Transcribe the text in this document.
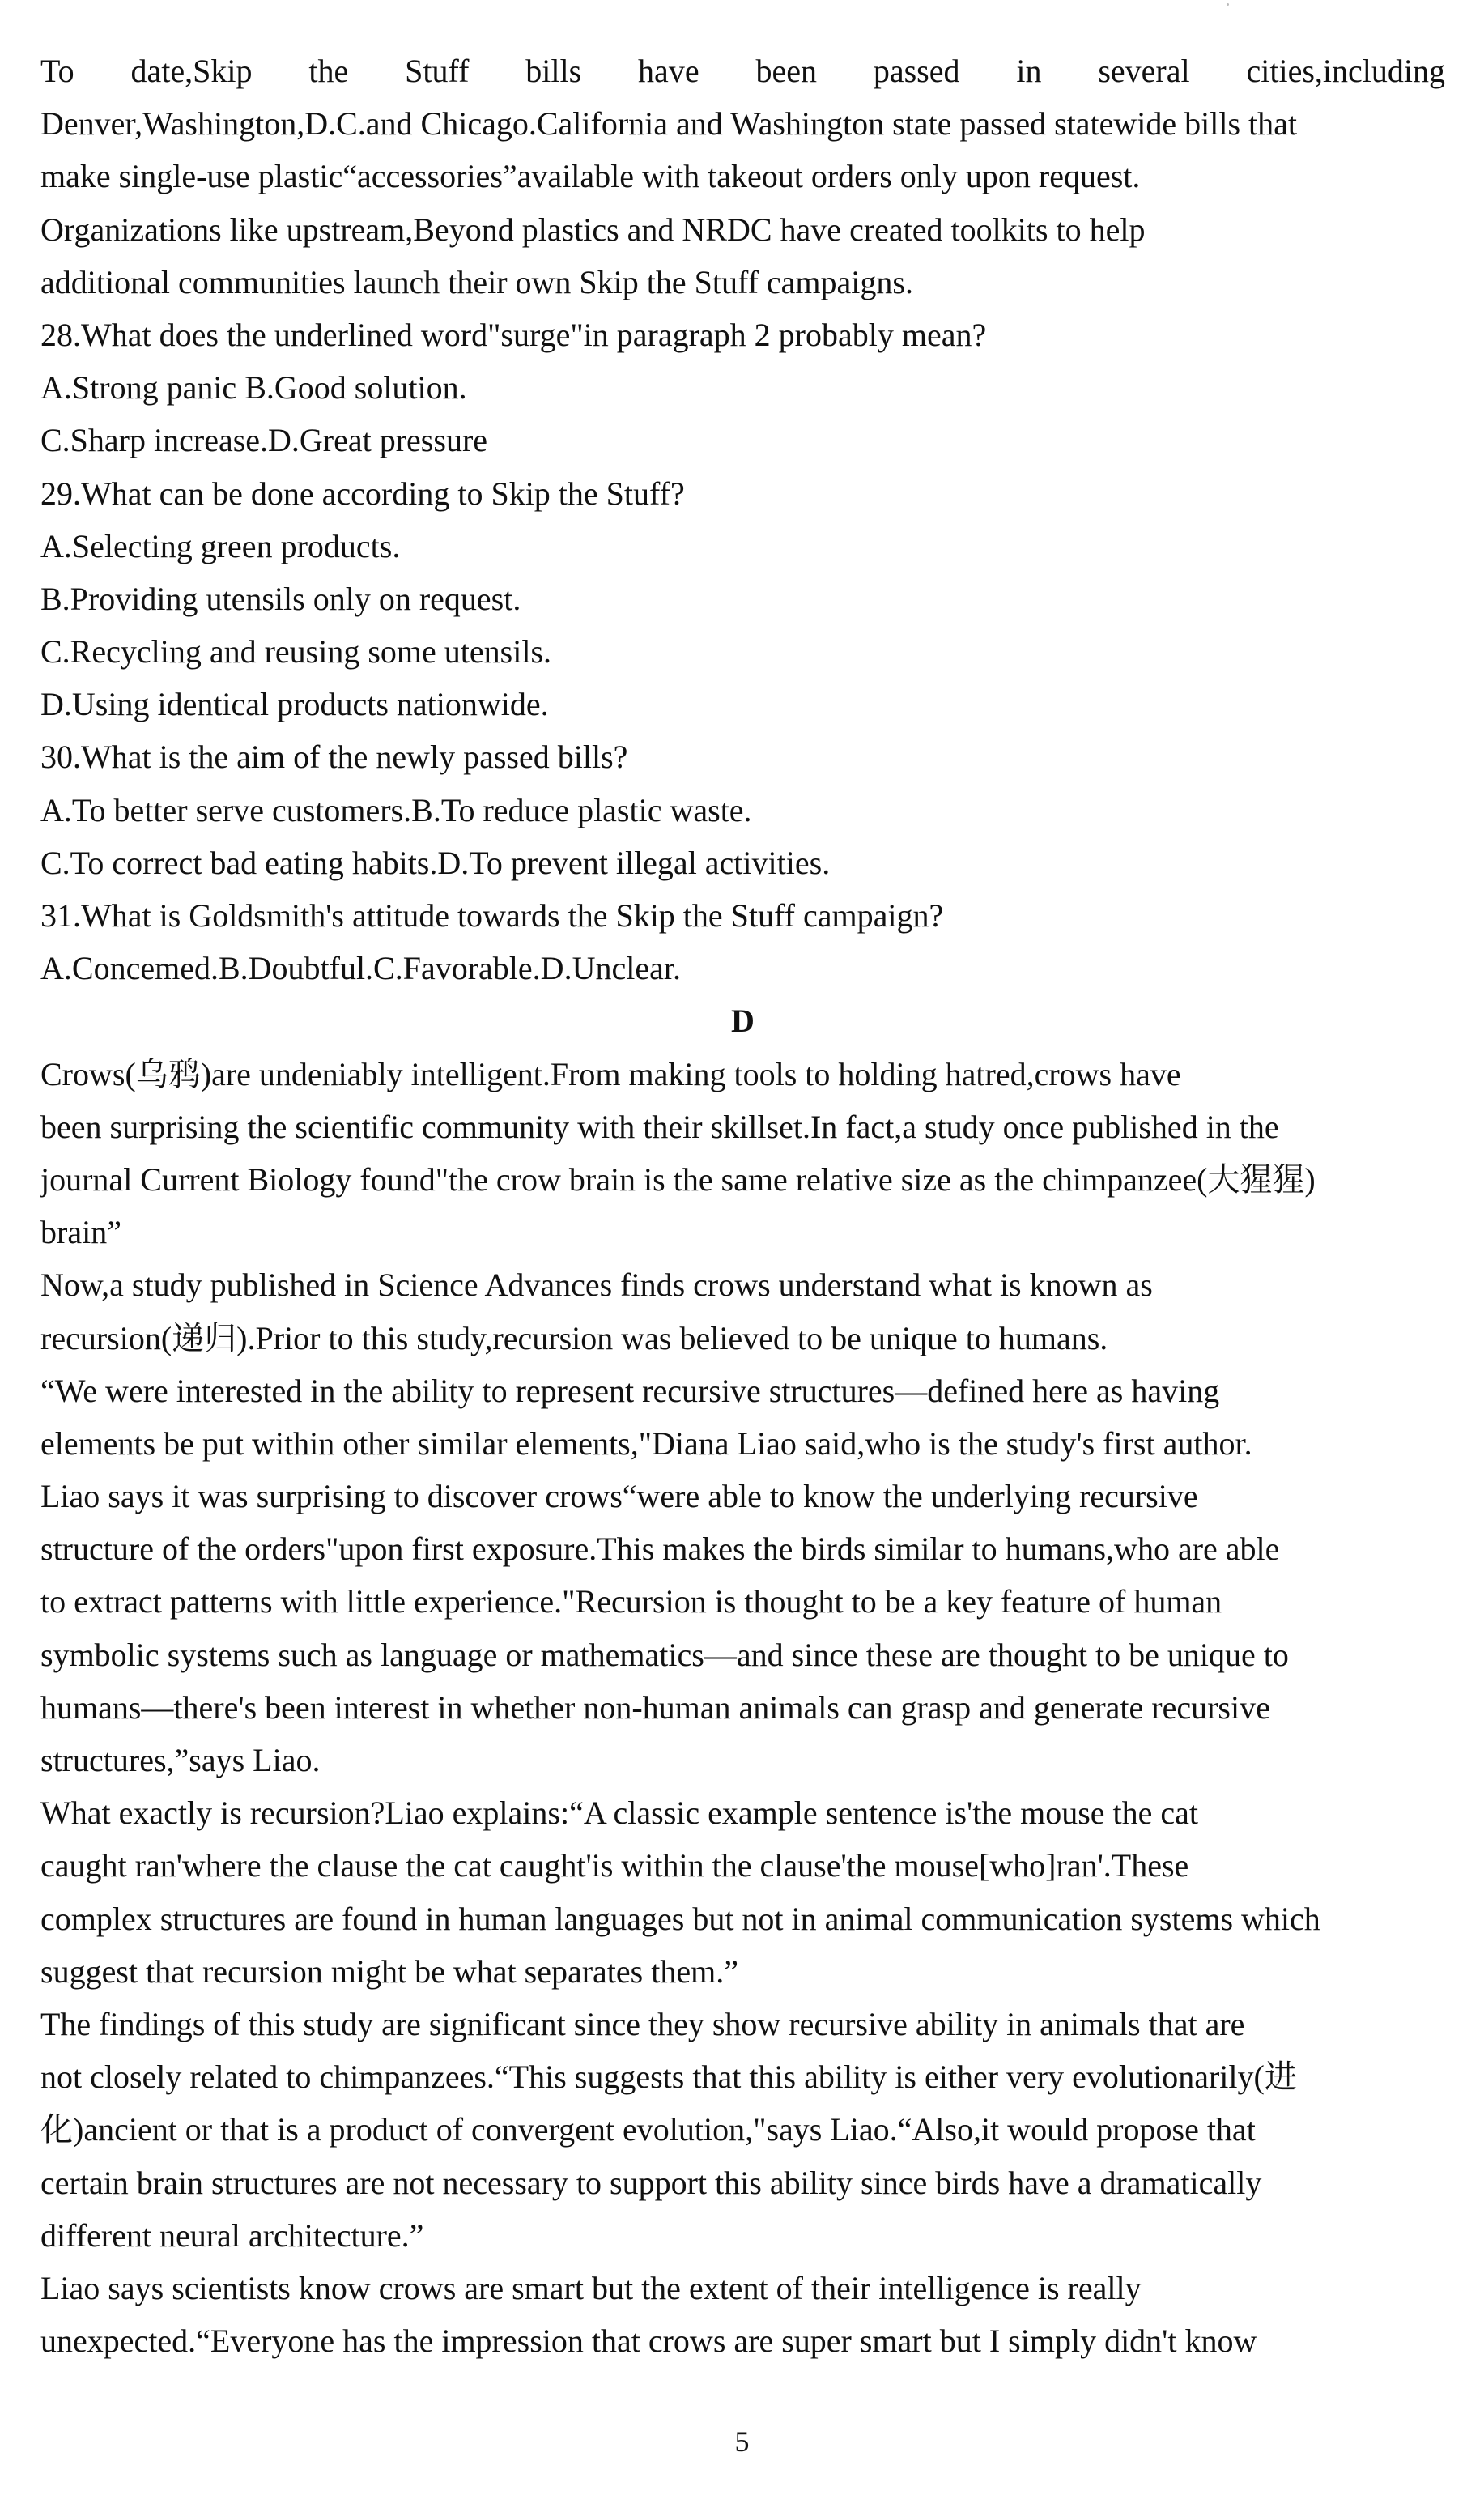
To date,Skip the Stuff bills have been passed in several cities,including
Denver,Washington,D.C.and Chicago.California and Washington state passed statewide bills that
make single-use plastic“accessories”available with takeout orders only upon request.
Organizations like upstream,Beyond plastics and NRDC have created toolkits to help
additional communities launch their own Skip the Stuff campaigns.
28.What does the underlined word"surge"in paragraph 2 probably mean?
A.Strong panic B.Good solution.
C.Sharp increase.D.Great pressure
29.What can be done according to Skip the Stuff?
A.Selecting green products.
B.Providing utensils only on request.
C.Recycling and reusing some utensils.
D.Using identical products nationwide.
30.What is the aim of the newly passed bills?
A.To better serve customers.B.To reduce plastic waste.
C.To correct bad eating habits.D.To prevent illegal activities.
31.What is Goldsmith's attitude towards the Skip the Stuff campaign?
A.Concemed.B.Doubtful.C.Favorable.D.Unclear.
D
Crows(乌鸦)are undeniably intelligent.From making tools to holding hatred,crows have
been surprising the scientific community with their skillset.In fact,a study once published in the
journal Current Biology found"the crow brain is the same relative size as the chimpanzee(大猩猩)
brain”
Now,a study published in Science Advances finds crows understand what is known as
recursion(递归).Prior to this study,recursion was believed to be unique to humans.
“We were interested in the ability to represent recursive structures—defined here as having
elements be put within other similar elements,"Diana Liao said,who is the study's first author.
Liao says it was surprising to discover crows“were able to know the underlying recursive
structure of the orders"upon first exposure.This makes the birds similar to humans,who are able
to extract patterns with little experience."Recursion is thought to be a key feature of human
symbolic systems such as language or mathematics—and since these are thought to be unique to
humans—there's been interest in whether non-human animals can grasp and generate recursive
structures,”says Liao.
What exactly is recursion?Liao explains:“A classic example sentence is'the mouse the cat
caught ran'where the clause the cat caught'is within the clause'the mouse[who]ran'.These
complex structures are found in human languages but not in animal communication systems which
suggest that recursion might be what separates them.”
The findings of this study are significant since they show recursive ability in animals that are
not closely related to chimpanzees.“This suggests that this ability is either very evolutionarily(进
化)ancient or that is a product of convergent evolution,"says Liao.“Also,it would propose that
certain brain structures are not necessary to support this ability since birds have a dramatically
different neural architecture.”
Liao says scientists know crows are smart but the extent of their intelligence is really
unexpected.“Everyone has the impression that crows are super smart but I simply didn't know
5
